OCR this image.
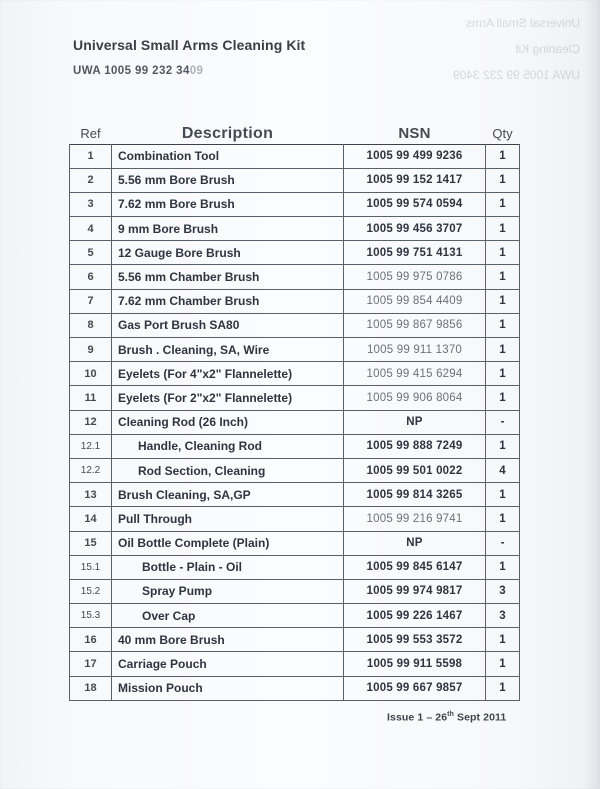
Universal Small Arms
Cleaning Kit
UWA 1005 99 232 3409
Universal Small Arms Cleaning Kit
UWA 1005 99 232 3409
Ref	Description	NSN	Qty
1	Combination Tool	1005 99 499 9236	1
2	5.56 mm Bore Brush	1005 99 152 1417	1
3	7.62 mm Bore Brush	1005 99 574 0594	1
4	9 mm Bore Brush	1005 99 456 3707	1
5	12 Gauge Bore Brush	1005 99 751 4131	1
6	5.56 mm Chamber Brush	1005 99 975 0786	1
7	7.62 mm Chamber Brush	1005 99 854 4409	1
8	Gas Port Brush SA80	1005 99 867 9856	1
9	Brush . Cleaning, SA, Wire	1005 99 911 1370	1
10	Eyelets (For 4"x2" Flannelette)	1005 99 415 6294	1
11	Eyelets (For 2"x2" Flannelette)	1005 99 906 8064	1
12	Cleaning Rod (26 Inch)	NP	-
12.1	Handle, Cleaning Rod	1005 99 888 7249	1
12.2	Rod Section, Cleaning	1005 99 501 0022	4
13	Brush Cleaning, SA,GP	1005 99 814 3265	1
14	Pull Through	1005 99 216 9741	1
15	Oil Bottle Complete (Plain)	NP	-
15.1	Bottle - Plain - Oil	1005 99 845 6147	1
15.2	Spray Pump	1005 99 974 9817	3
15.3	Over Cap	1005 99 226 1467	3
16	40 mm Bore Brush	1005 99 553 3572	1
17	Carriage Pouch	1005 99 911 5598	1
18	Mission Pouch	1005 99 667 9857	1
Issue 1 – 26th Sept 2011
